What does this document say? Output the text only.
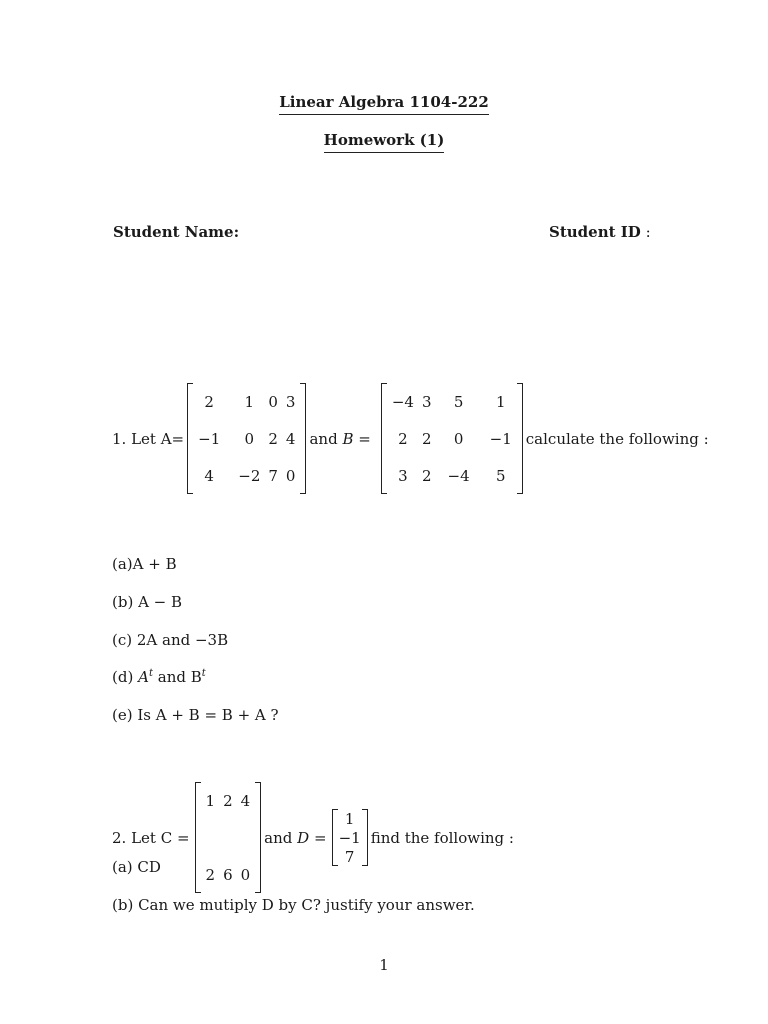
Linear Algebra 1104-222
Homework (1)
Student Name:	Student ID :
1. Let A=
2	1	0	3
−1	0	2	4
4	−2	7	0
and B =
−4	3	5	1
2	2	0	−1
3	2	−4	5
calculate the following :
(a)A + B
(b) A − B
(c) 2A and −3B
(d) $A^t$ and $B^t$
(e) Is A + B = B + A ?
2. Let C =
1	2	4

2	6	0
and D =
1
−1
7
find the following :
(a) CD
(b) Can we mutiply D by C? justify your answer.
1
